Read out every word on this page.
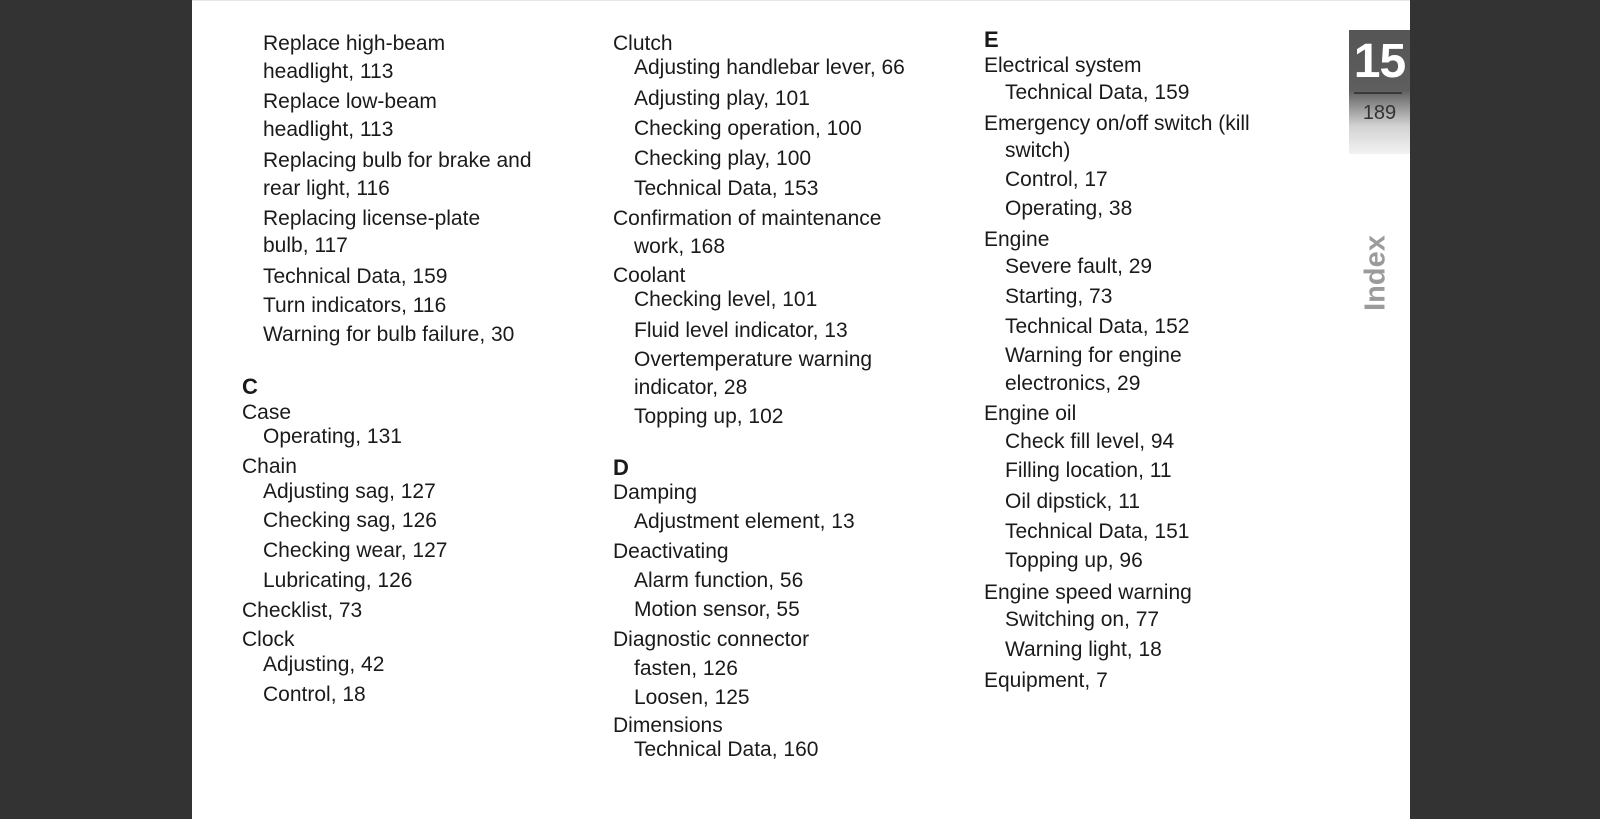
Replace high-beam
headlight, 113
Replace low-beam
headlight, 113
Replacing bulb for brake and
rear light, 116
Replacing license-plate
bulb, 117
Technical Data, 159
Turn indicators, 116
Warning for bulb failure, 30
C
Case
Operating, 131
Chain
Adjusting sag, 127
Checking sag, 126
Checking wear, 127
Lubricating, 126
Checklist, 73
Clock
Adjusting, 42
Control, 18
Clutch
Adjusting handlebar lever, 66
Adjusting play, 101
Checking operation, 100
Checking play, 100
Technical Data, 153
Confirmation of maintenance
work, 168
Coolant
Checking level, 101
Fluid level indicator, 13
Overtemperature warning
indicator, 28
Topping up, 102
D
Damping
Adjustment element, 13
Deactivating
Alarm function, 56
Motion sensor, 55
Diagnostic connector
fasten, 126
Loosen, 125
Dimensions
Technical Data, 160
E
Electrical system
Technical Data, 159
Emergency on/off switch (kill
switch)
Control, 17
Operating, 38
Engine
Severe fault, 29
Starting, 73
Technical Data, 152
Warning for engine
electronics, 29
Engine oil
Check fill level, 94
Filling location, 11
Oil dipstick, 11
Technical Data, 151
Topping up, 96
Engine speed warning
Switching on, 77
Warning light, 18
Equipment, 7
15
189
Index
